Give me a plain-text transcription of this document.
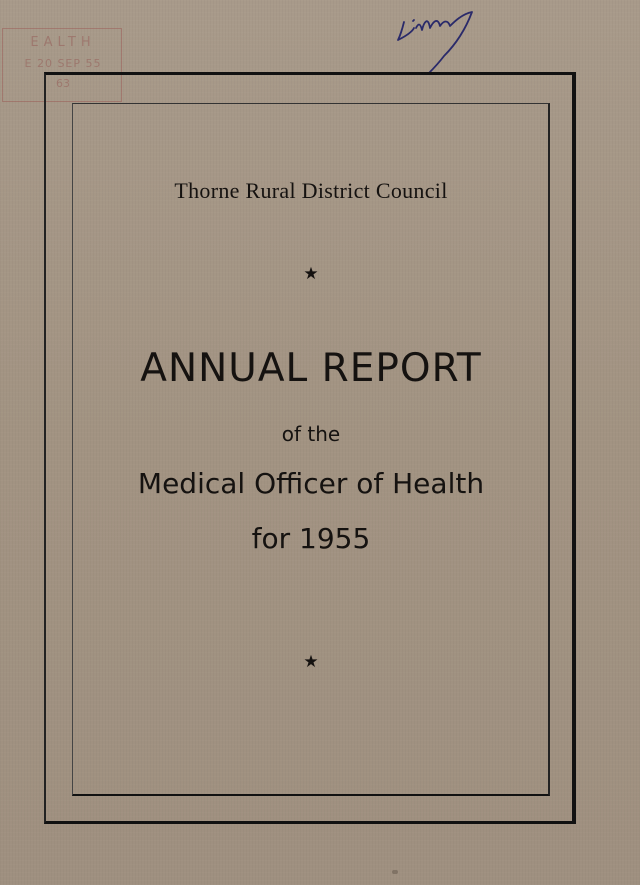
EALTH
E 20 SEP 55
63
Thorne Rural District Council
★
ANNUAL REPORT
of the
Medical Officer of Health
for 1955
★
